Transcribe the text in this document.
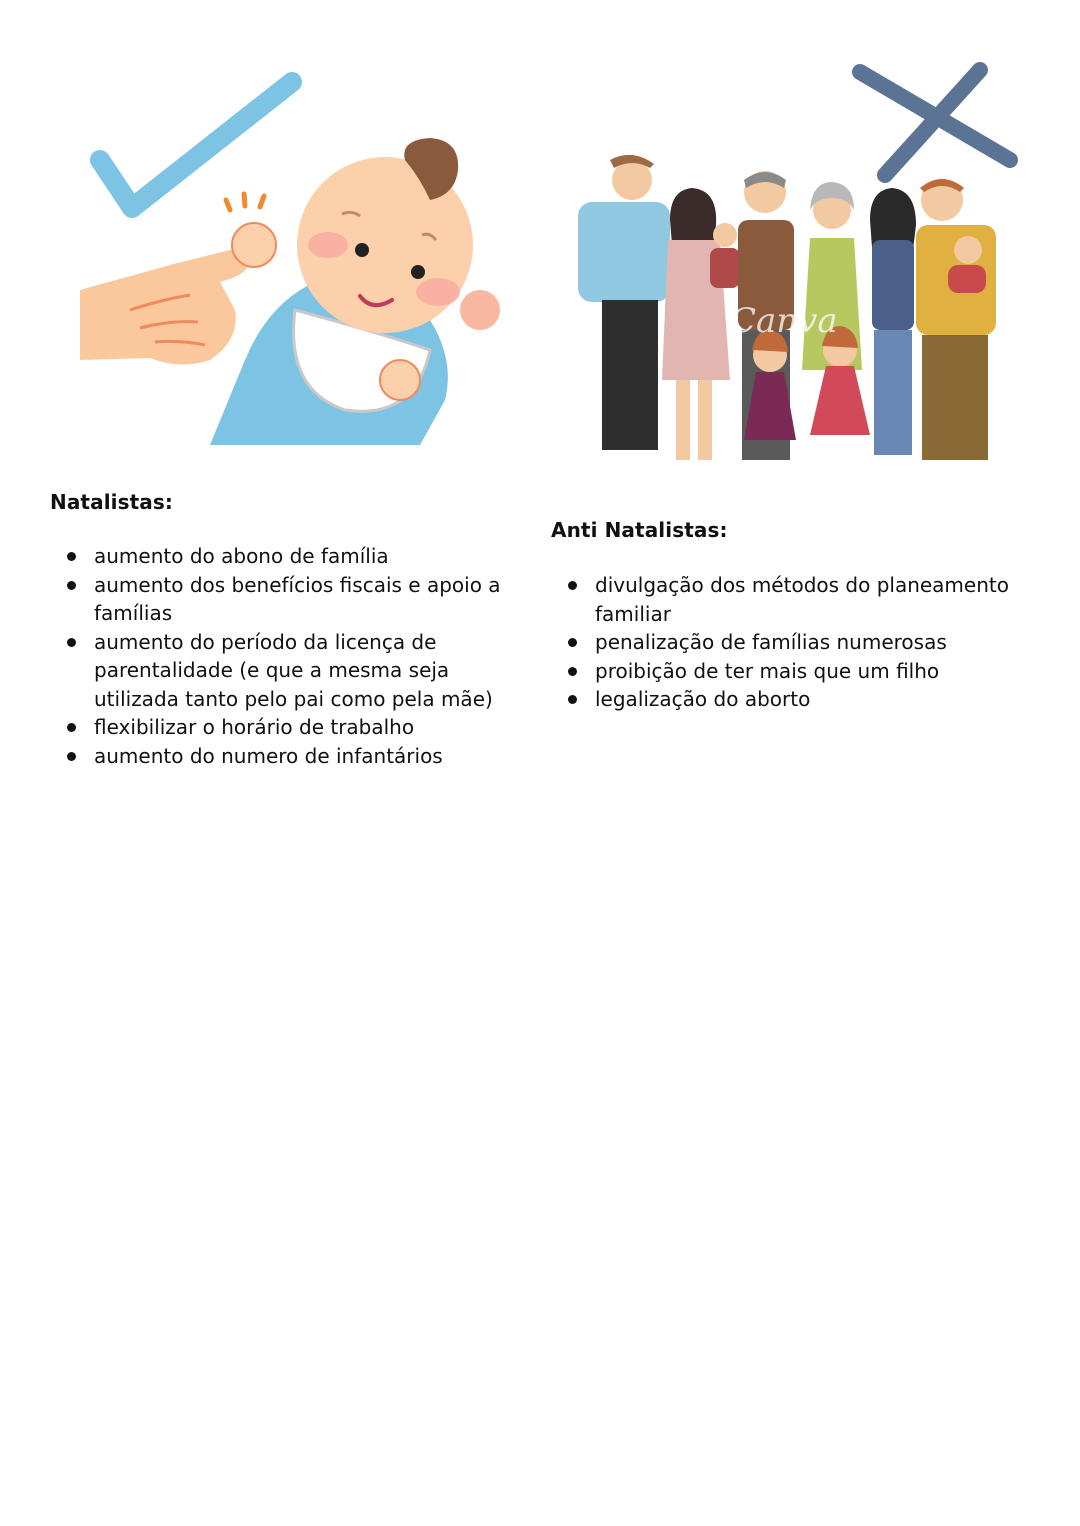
Canva
Natalistas:
aumento do abono de família
aumento dos benefícios fiscais e apoio a famílias
aumento do período da licença de parentalidade (e que a mesma seja utilizada tanto pelo pai como pela mãe)
flexibilizar o horário de trabalho
aumento do numero de infantários
Anti Natalistas:
divulgação dos métodos do planeamento familiar
penalização de famílias numerosas
proibição de ter mais que um filho
legalização do aborto
